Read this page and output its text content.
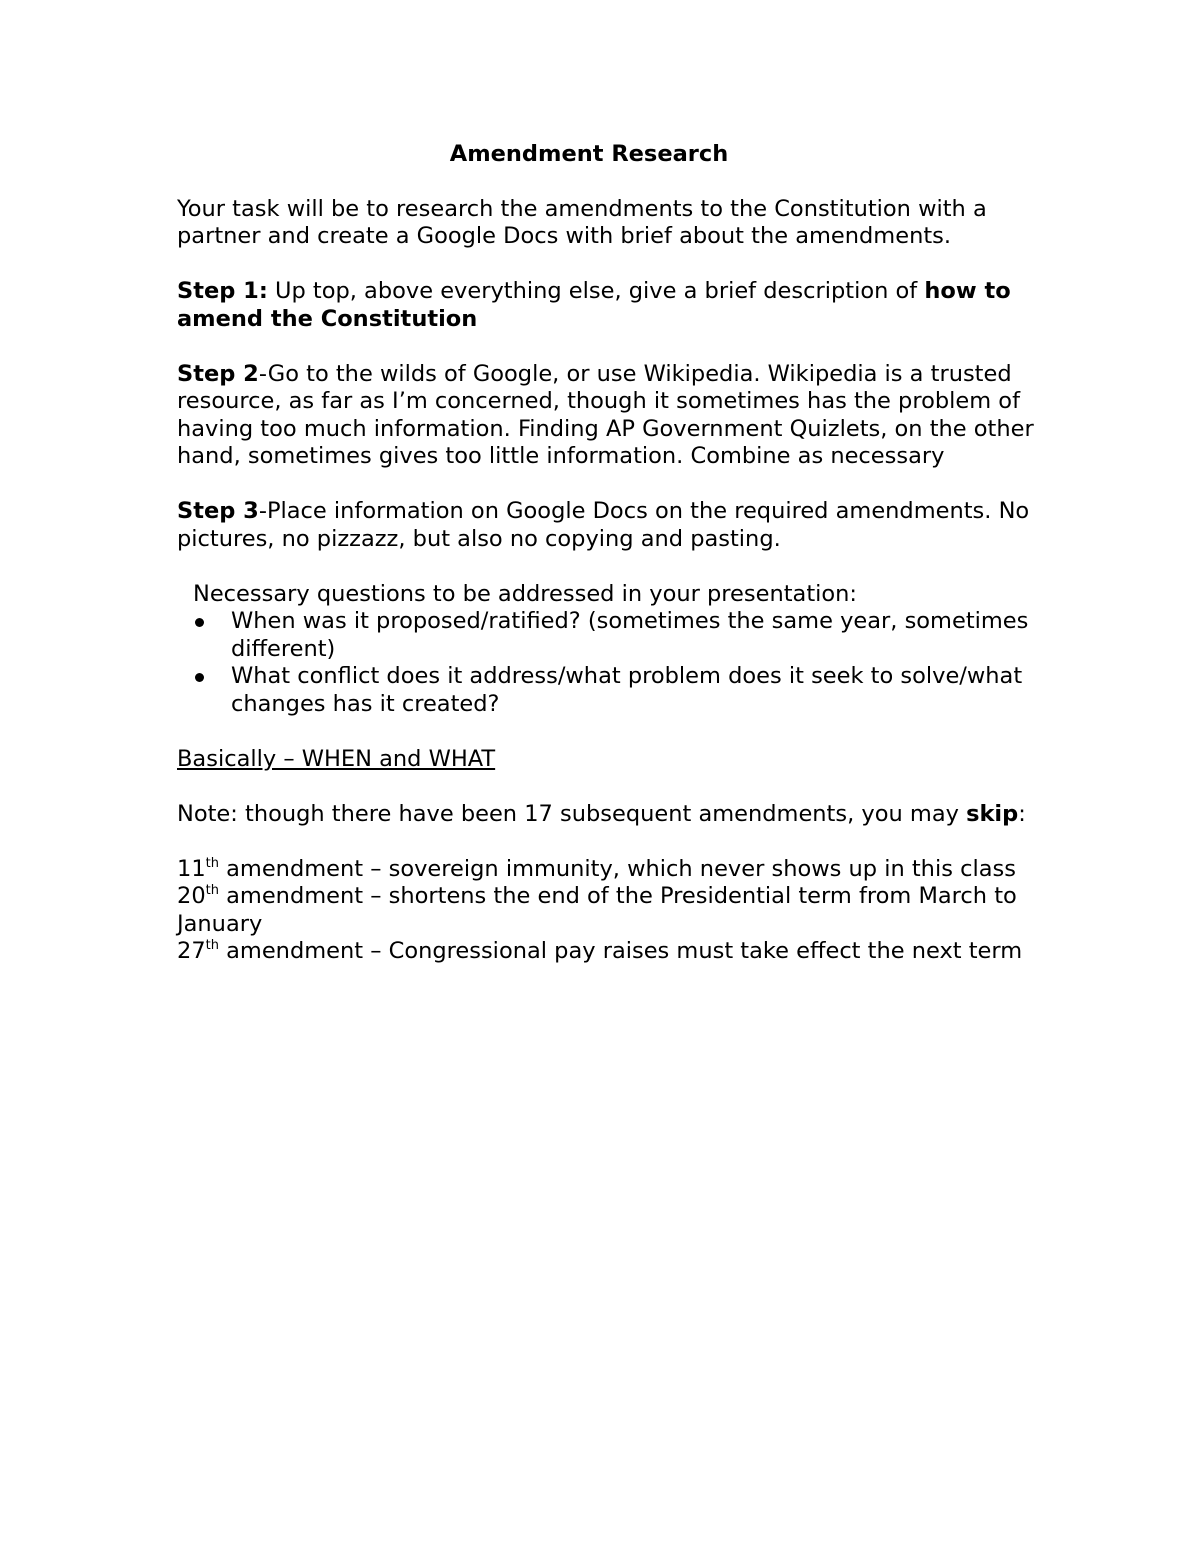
Amendment Research

Your task will be to research the amendments to the Constitution with a partner and create a Google Docs with brief about the amendments.

Step 1: Up top, above everything else, give a brief description of how to amend the Constitution

Step 2-Go to the wilds of Google, or use Wikipedia. Wikipedia is a trusted resource, as far as I’m concerned, though it sometimes has the problem of having too much information. Finding AP Government Quizlets, on the other hand, sometimes gives too little information. Combine as necessary

Step 3-Place information on Google Docs on the required amendments. No pictures, no pizzazz, but also no copying and pasting.

Necessary questions to be addressed in your presentation:
When was it proposed/ratified? (sometimes the same year, sometimes different)
What conflict does it address/what problem does it seek to solve/what changes has it created?

Basically – WHEN and WHAT

Note: though there have been 17 subsequent amendments, you may skip:

11th amendment – sovereign immunity, which never shows up in this class

20th amendment – shortens the end of the Presidential term from March to January

27th amendment – Congressional pay raises must take effect the next term
